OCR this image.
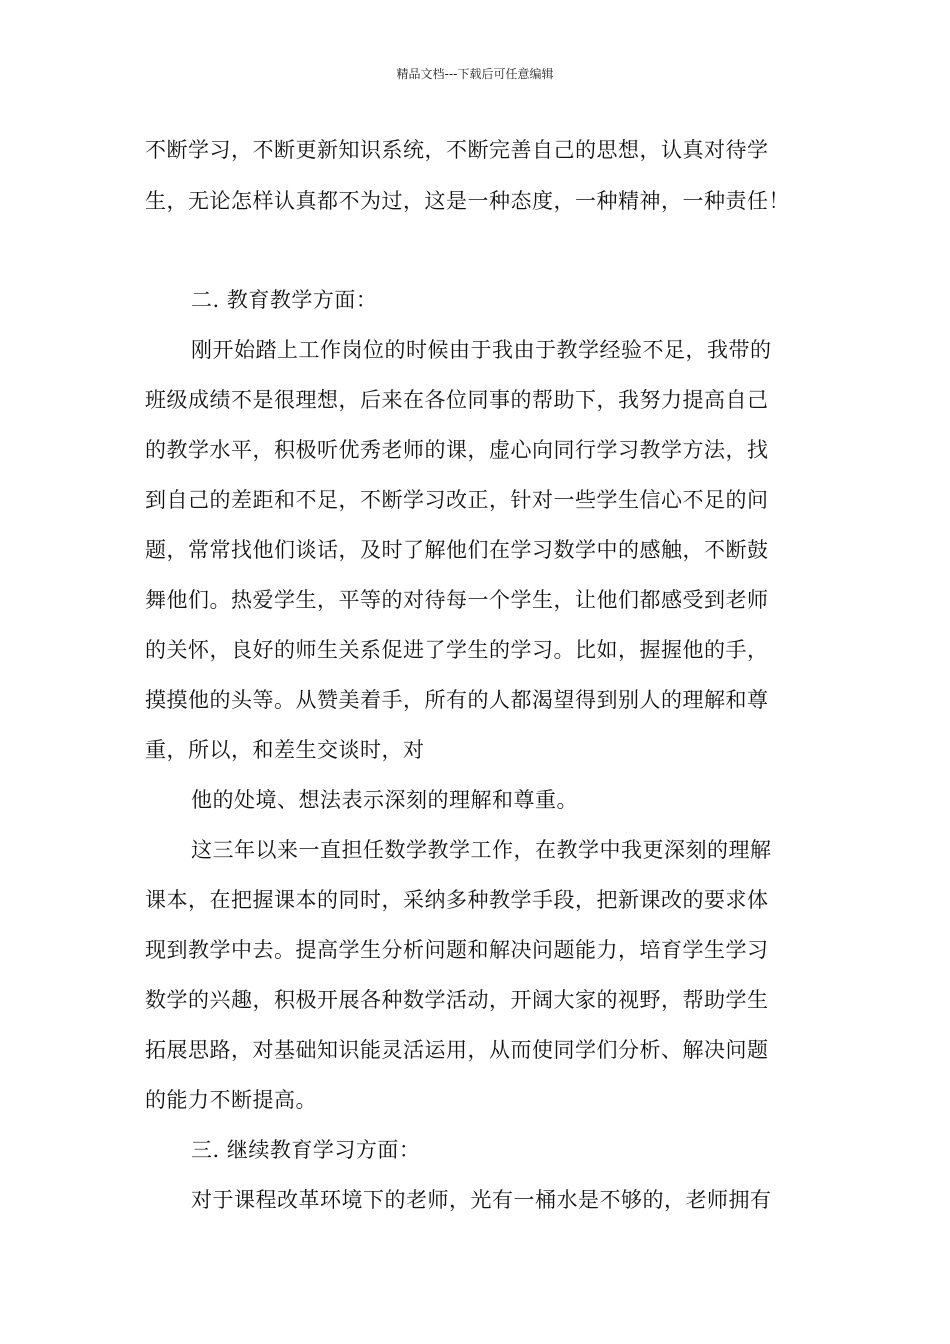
精品文档---下载后可任意编辑
不断学习，不断更新知识系统，不断完善自己的思想，认真对待学
生，无论怎样认真都不为过，这是一种态度，一种精神，一种责任！
二. 教育教学方面：
刚开始踏上工作岗位的时候由于我由于教学经验不足，我带的
班级成绩不是很理想，后来在各位同事的帮助下，我努力提高自己
的教学水平，积极听优秀老师的课，虚心向同行学习教学方法，找
到自己的差距和不足，不断学习改正，针对一些学生信心不足的问
题，常常找他们谈话，及时了解他们在学习数学中的感触，不断鼓
舞他们。热爱学生，平等的对待每一个学生，让他们都感受到老师
的关怀，良好的师生关系促进了学生的学习。比如，握握他的手，
摸摸他的头等。从赞美着手，所有的人都渴望得到别人的理解和尊
重，所以，和差生交谈时，对
他的处境、想法表示深刻的理解和尊重。
这三年以来一直担任数学教学工作，在教学中我更深刻的理解
课本，在把握课本的同时，采纳多种教学手段，把新课改的要求体
现到教学中去。提高学生分析问题和解决问题能力，培育学生学习
数学的兴趣，积极开展各种数学活动，开阔大家的视野，帮助学生
拓展思路，对基础知识能灵活运用，从而使同学们分析、解决问题
的能力不断提高。
三. 继续教育学习方面：
对于课程改革环境下的老师，光有一桶水是不够的，老师拥有
